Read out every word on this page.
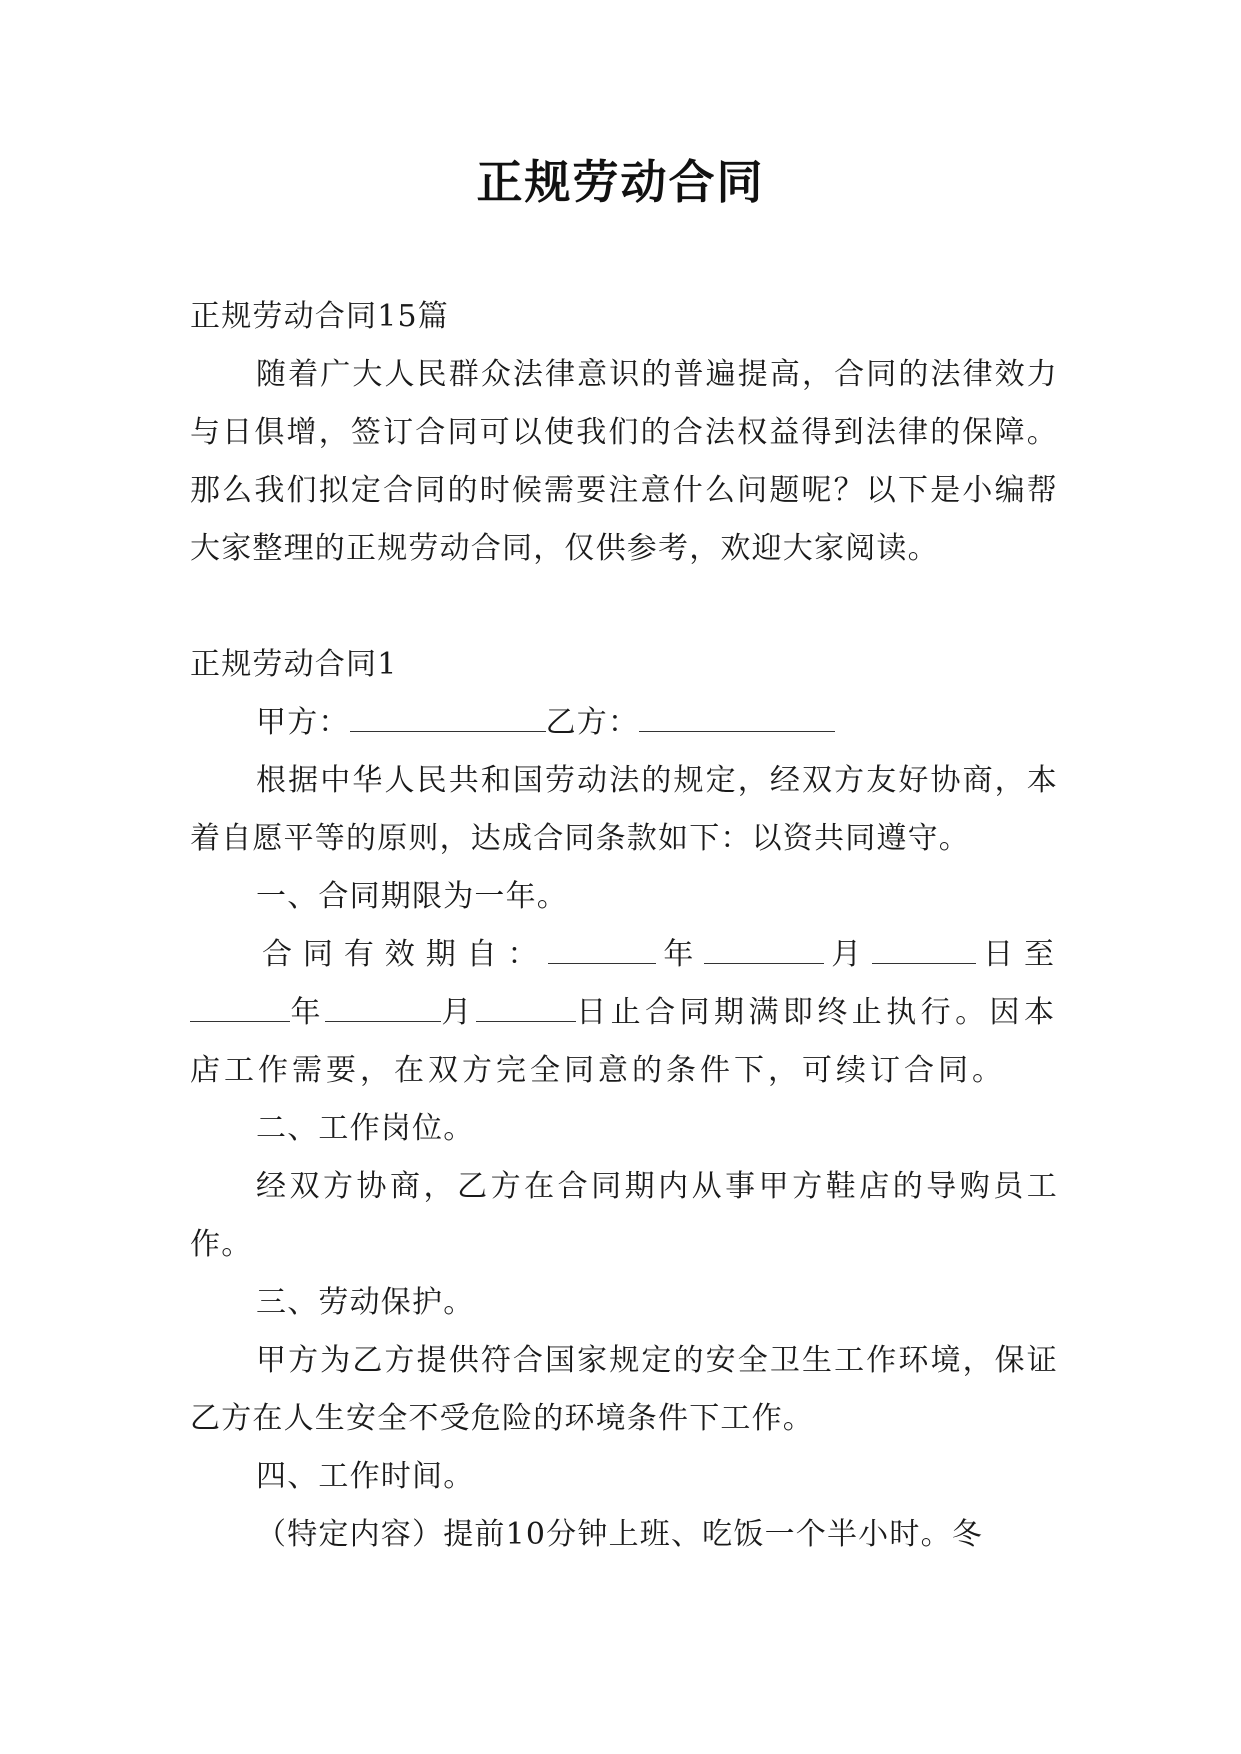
正规劳动合同

正规劳动合同15篇

随着广大人民群众法律意识的普遍提高，合同的法律效力与日俱增，签订合同可以使我们的合法权益得到法律的保障。那么我们拟定合同的时候需要注意什么问题呢？以下是小编帮大家整理的正规劳动合同，仅供参考，欢迎大家阅读。

正规劳动合同1

甲方：	乙方：

根据中华人民共和国劳动法的规定，经双方友好协商，本着自愿平等的原则，达成合同条款如下：以资共同遵守。

一、合同期限为一年。

合同有效期自：	年	月	日至年	月	日止合同期满即终止执行。因本店工作需要，在双方完全同意的条件下，可续订合同。

二、工作岗位。

经双方协商，乙方在合同期内从事甲方鞋店的导购员工作。

三、劳动保护。

甲方为乙方提供符合国家规定的安全卫生工作环境，保证乙方在人生安全不受危险的环境条件下工作。

四、工作时间。

（特定内容）提前10分钟上班、吃饭一个半小时。冬
